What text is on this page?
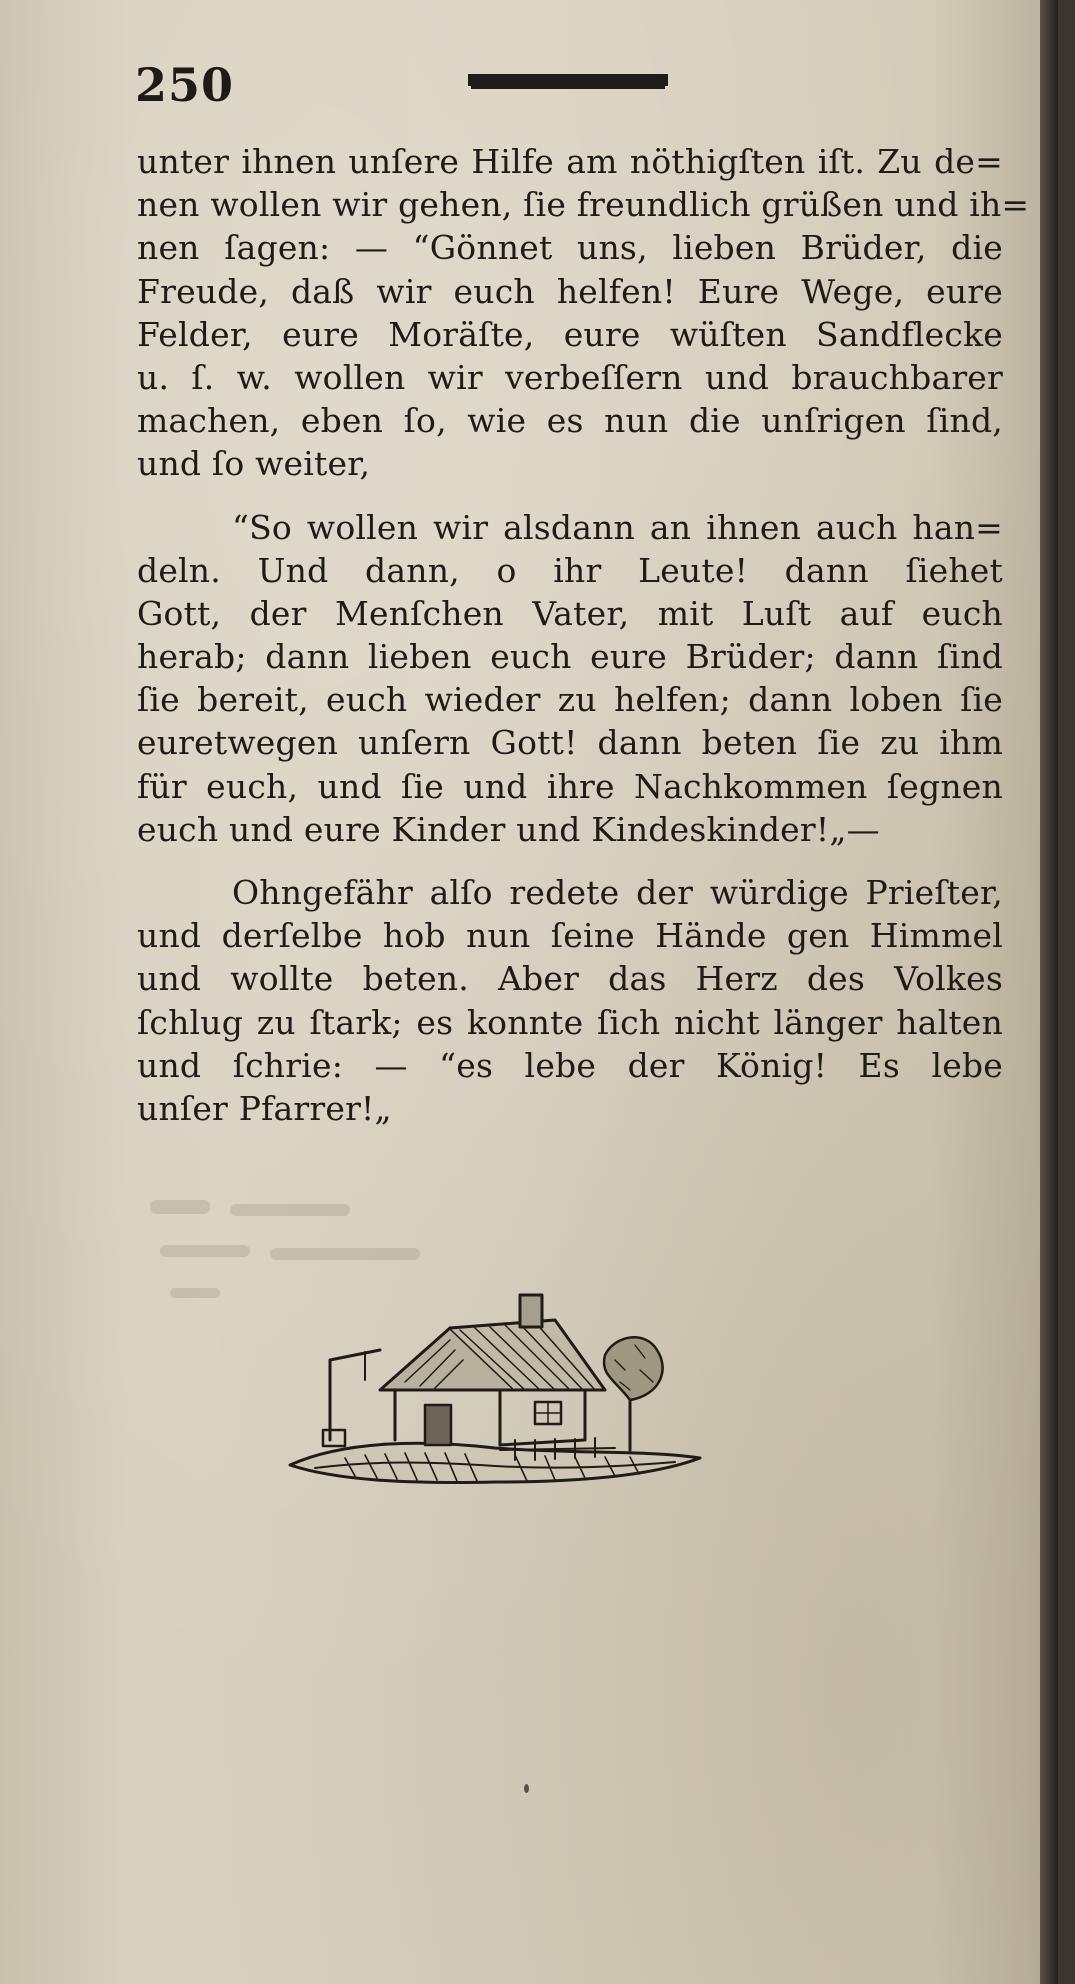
250
unter ihnen unſere Hilfe am nöthigſten iſt. Zu de=
nen wollen wir gehen, ſie freundlich grüßen und ih=
nen ſagen: — “Gönnet uns, lieben Brüder, die
Freude, daß wir euch helfen! Eure Wege, eure
Felder, eure Moräſte, eure wüſten Sandflecke
u. ſ. w. wollen wir verbeſſern und brauchbarer
machen, eben ſo, wie es nun die unſrigen ſind,
und ſo weiter,
“So wollen wir alsdann an ihnen auch han=
deln. Und dann, o ihr Leute! dann ſiehet
Gott, der Menſchen Vater, mit Luſt auf euch
herab; dann lieben euch eure Brüder; dann ſind
ſie bereit, euch wieder zu helfen; dann loben ſie
euretwegen unſern Gott! dann beten ſie zu ihm
für euch, und ſie und ihre Nachkommen ſegnen
euch und eure Kinder und Kindeskinder!„—
Ohngefähr alſo redete der würdige Prieſter,
und derſelbe hob nun ſeine Hände gen Himmel
und wollte beten. Aber das Herz des Volkes
ſchlug zu ſtark; es konnte ſich nicht länger halten
und ſchrie: — “es lebe der König! Es lebe
unſer Pfarrer!„
